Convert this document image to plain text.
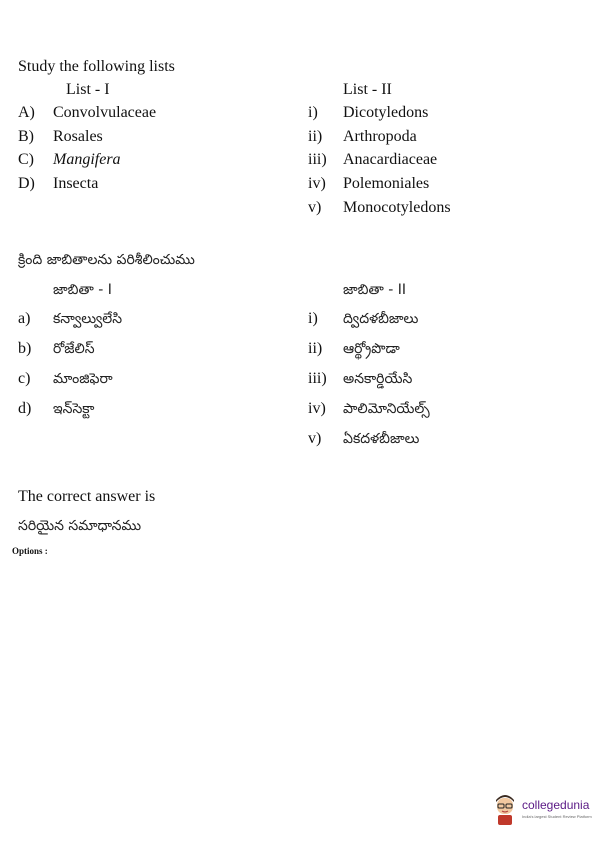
Study the following lists
List - I	List - II
A) Convolvulaceae
B) Rosales
C) Mangifera
D) Insecta
i) Dicotyledons
ii) Arthropoda
iii) Anacardiaceae
iv) Polemoniales
v) Monocotyledons
క్రింది జాబితాలను పరిశీలించుము
జాబితా - I	జాబితా - II
a) కన్వాల్వులేసి
b) రోజేలిస్
c) మాంజిఫెరా
d) ఇన్‌సెక్టా
i) ద్విదళబీజాలు
ii) ఆర్థ్రోపొడా
iii) అనకార్డియేసి
iv) పాలిమోనియేల్స్
v) ఏకదళబీజాలు
The correct answer is
సరియైన సమాధానము
Options :
collegedunia
India's largest Student Review Platform
